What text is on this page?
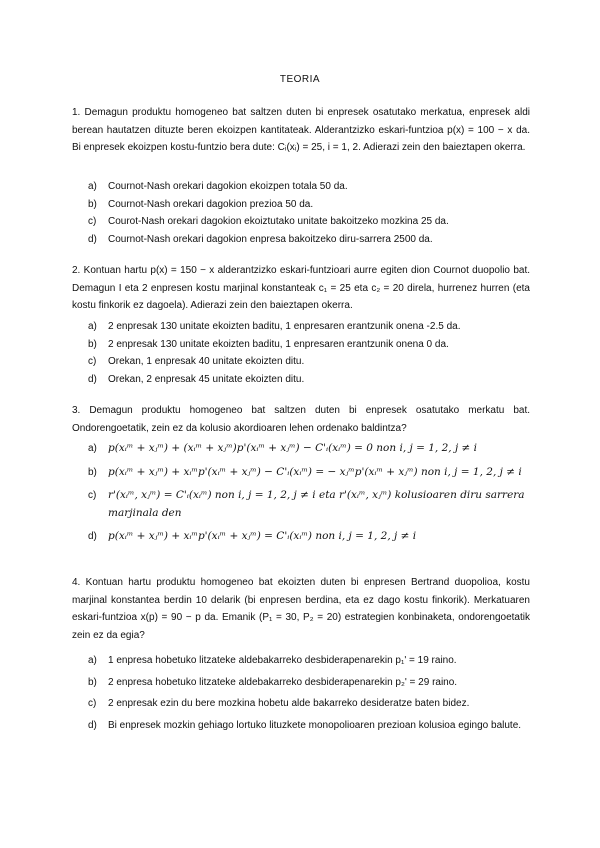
TEORIA
1. Demagun produktu homogeneo bat saltzen duten bi enpresek osatutako merkatua, enpresek aldi berean hautatzen dituzte beren ekoizpen kantitateak. Alderantzizko eskari-funtzioa p(x) = 100 − x da. Bi enpresek ekoizpen kostu-funtzio bera dute: Cᵢ(xᵢ) = 25, i = 1, 2. Adierazi zein den baieztapen okerra.
a)	Cournot-Nash orekari dagokion ekoizpen totala 50 da.
b)	Cournot-Nash orekari dagokion prezioa 50 da.
c)	Courot-Nash orekari dagokion ekoiztutako unitate bakoitzeko mozkina 25 da.
d)	Cournot-Nash orekari dagokion enpresa bakoitzeko diru-sarrera 2500 da.
2. Kontuan hartu p(x) = 150 − x alderantzizko eskari-funtzioari aurre egiten dion Cournot duopolio bat. Demagun I eta 2 enpresen kostu marjinal konstanteak c₁ = 25 eta c₂ = 20 direla, hurrenez hurren (eta kostu finkorik ez dagoela). Adierazi zein den baieztapen okerra.
a)	2 enpresak 130 unitate ekoizten baditu, 1 enpresaren erantzunik onena -2.5 da.
b)	2 enpresak 130 unitate ekoizten baditu, 1 enpresaren erantzunik onena 0 da.
c)	Orekan, 1 enpresak 40 unitate ekoizten ditu.
d)	Orekan, 2 enpresak 45 unitate ekoizten ditu.
3. Demagun produktu homogeneo bat saltzen duten bi enpresek osatutako merkatu bat. Ondorengoetatik, zein ez da kolusio akordioaren lehen ordenako baldintza?
a)	p(xᵢᵐ + xⱼᵐ) + (xᵢᵐ + xⱼᵐ)p'(xᵢᵐ + xⱼᵐ) − C'ᵢ(xᵢᵐ) = 0 non i, j = 1, 2, j ≠ i
b)	p(xᵢᵐ + xⱼᵐ) + xᵢᵐp'(xᵢᵐ + xⱼᵐ) − C'ᵢ(xᵢᵐ) = − xⱼᵐp'(xᵢᵐ + xⱼᵐ) non i, j = 1, 2, j ≠ i
c)	r'(xᵢᵐ, xⱼᵐ) = C'ᵢ(xᵢᵐ) non i, j = 1, 2, j ≠ i eta r'(xᵢᵐ, xⱼᵐ) kolusioaren diru sarrera marjinala den
d)	p(xᵢᵐ + xⱼᵐ) + xᵢᵐp'(xᵢᵐ + xⱼᵐ) = C'ᵢ(xᵢᵐ) non i, j = 1, 2, j ≠ i
4. Kontuan hartu produktu homogeneo bat ekoizten duten bi enpresen Bertrand duopolioa, kostu marjinal konstantea berdin 10 delarik (bi enpresen berdina, eta ez dago kostu finkorik). Merkatuaren eskari-funtzioa x(p) = 90 − p da. Emanik (P₁ = 30, P₂ = 20) estrategien konbinaketa, ondorengoetatik zein ez da egia?
a)	1 enpresa hobetuko litzateke aldebakarreko desbiderapenarekin p₁' = 19 raino.
b)	2 enpresa hobetuko litzateke aldebakarreko desbiderapenarekin p₂' = 29 raino.
c)	2 enpresak ezin du bere mozkina hobetu alde bakarreko desideratze baten bidez.
d)	Bi enpresek mozkin gehiago lortuko lituzkete monopolioaren prezioan kolusioa egingo balute.
